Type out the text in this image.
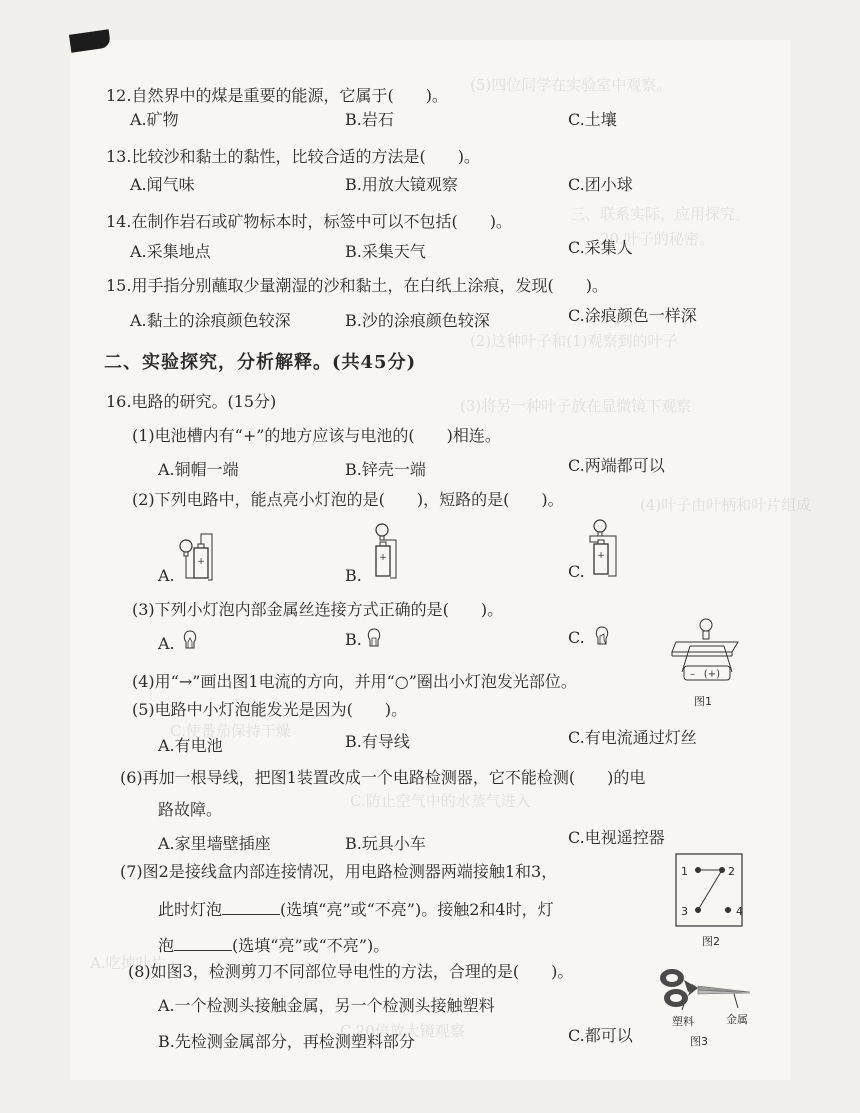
(5)四位同学在实验室中观察。
三、联系实际，应用探究。
20.叶子的秘密。
(2)这种叶子和(1)观察到的叶子
(3)将另一种叶子放在显微镜下观察
(4)叶子由叶柄和叶片组成
C.使番茄保持干燥
C.防止空气中的水蒸气进入
A.吃掉叶片
C.20倍放大镜观察
12.自然界中的煤是重要的能源，它属于(　　)。
A.矿物	B.岩石	C.土壤
13.比较沙和黏土的黏性，比较合适的方法是(　　)。
A.闻气味	B.用放大镜观察	C.团小球
14.在制作岩石或矿物标本时，标签中可以不包括(　　)。
A.采集地点	B.采集天气	C.采集人
15.用手指分别蘸取少量潮湿的沙和黏土，在白纸上涂痕，发现(　　)。
A.黏土的涂痕颜色较深	B.沙的涂痕颜色较深	C.涂痕颜色一样深
二、实验探究，分析解释。(共45分)
16.电路的研究。(15分)
(1)电池槽内有“+”的地方应该与电池的(　　)相连。
A.铜帽一端	B.锌壳一端	C.两端都可以
(2)下列电路中，能点亮小灯泡的是(　　)，短路的是(　　)。
A.	B.	C.
+	+	+
(3)下列小灯泡内部金属丝连接方式正确的是(　　)。
A.	B.	C.
(+)
–
图1
(4)用“→”画出图1电流的方向，并用“○”圈出小灯泡发光部位。
(5)电路中小灯泡能发光是因为(　　)。
A.有电池	B.有导线	C.有电流通过灯丝
(6)再加一根导线，把图1装置改成一个电路检测器，它不能检测(　　)的电
路故障。
A.家里墙壁插座	B.玩具小车	C.电视遥控器
(7)图2是接线盒内部连接情况，用电路检测器两端接触1和3，
此时灯泡	(选填“亮”或“不亮”)。接触2和4时，灯
泡	(选填“亮”或“不亮”)。
1	2
3	4
图2
(8)如图3，检测剪刀不同部位导电性的方法，合理的是(　　)。
A.一个检测头接触金属，另一个检测头接触塑料
B.先检测金属部分，再检测塑料部分	C.都可以
塑料	金属
图3
